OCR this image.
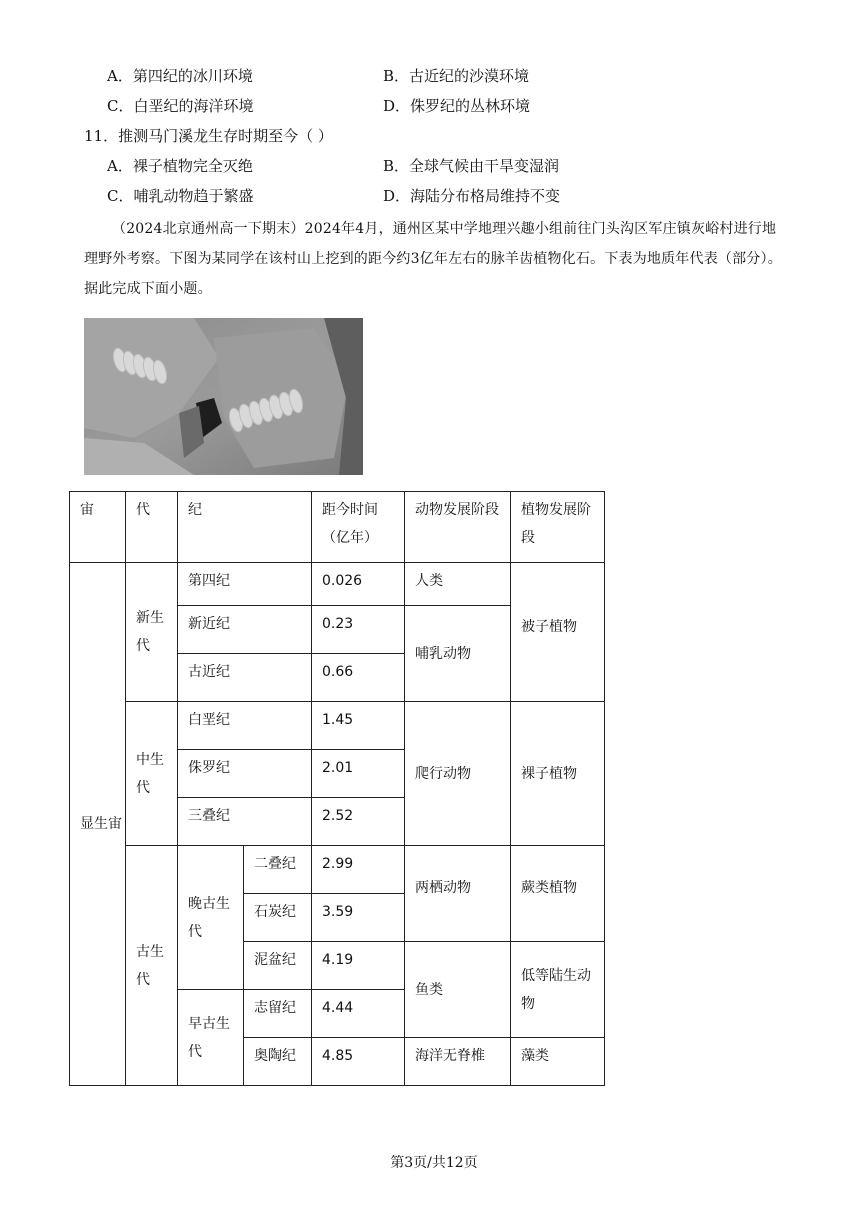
A．第四纪的冰川环境	B．古近纪的沙漠环境
C．白垩纪的海洋环境	D．侏罗纪的丛林环境
11．推测马门溪龙生存时期至今（ ）
A．裸子植物完全灭绝	B．全球气候由干旱变湿润
C．哺乳动物趋于繁盛	D．海陆分布格局维持不变
（2024北京通州高一下期末）2024年4月，通州区某中学地理兴趣小组前往门头沟区军庄镇灰峪村进行地理野外考察。下图为某同学在该村山上挖到的距今约3亿年左右的脉羊齿植物化石。下表为地质年代表（部分）。据此完成下面小题。
宙	代	纪		距今时间（亿年）	动物发展阶段	植物发展阶段
显生宙	新生代	第四纪		0.026	人类	被子植物
		新近纪		0.23	哺乳动物	
		古近纪		0.66		
	中生代	白垩纪		1.45	爬行动物	裸子植物
		侏罗纪		2.01		
		三叠纪		2.52		
	古生代	晚古生代	二叠纪	2.99	两栖动物	蕨类植物
			石炭纪	3.59		
			泥盆纪	4.19	鱼类	低等陆生动物
		早古生代	志留纪	4.44		
			奥陶纪	4.85	海洋无脊椎	藻类
第3页/共12页
